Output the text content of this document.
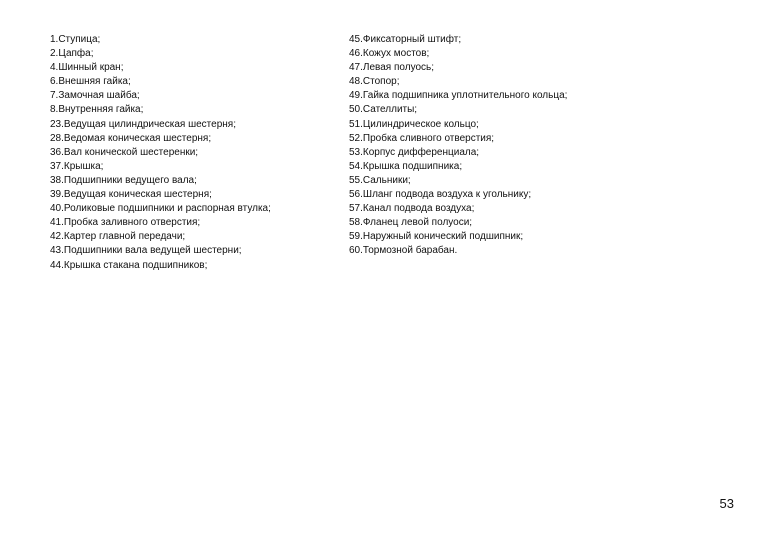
1.Ступица;
2.Цапфа;
4.Шинный кран;
6.Внешняя гайка;
7.Замочная шайба;
8.Внутренняя гайка;
23.Ведущая цилиндрическая шестерня;
28.Ведомая коническая шестерня;
36.Вал конической шестеренки;
37.Крышка;
38.Подшипники ведущего вала;
39.Ведущая коническая шестерня;
40.Роликовые подшипники и распорная втулка;
41.Пробка заливного отверстия;
42.Картер главной передачи;
43.Подшипники вала ведущей шестерни;
44.Крышка стакана подшипников;
45.Фиксаторный штифт;
46.Кожух мостов;
47.Левая полуось;
48.Стопор;
49.Гайка подшипника уплотнительного кольца;
50.Сателлиты;
51.Цилиндрическое кольцо;
52.Пробка сливного отверстия;
53.Корпус дифференциала;
54.Крышка подшипника;
55.Сальники;
56.Шланг подвода воздуха к угольнику;
57.Канал подвода воздуха;
58.Фланец левой полуоси;
59.Наружный конический подшипник;
60.Тормозной барабан.
53
